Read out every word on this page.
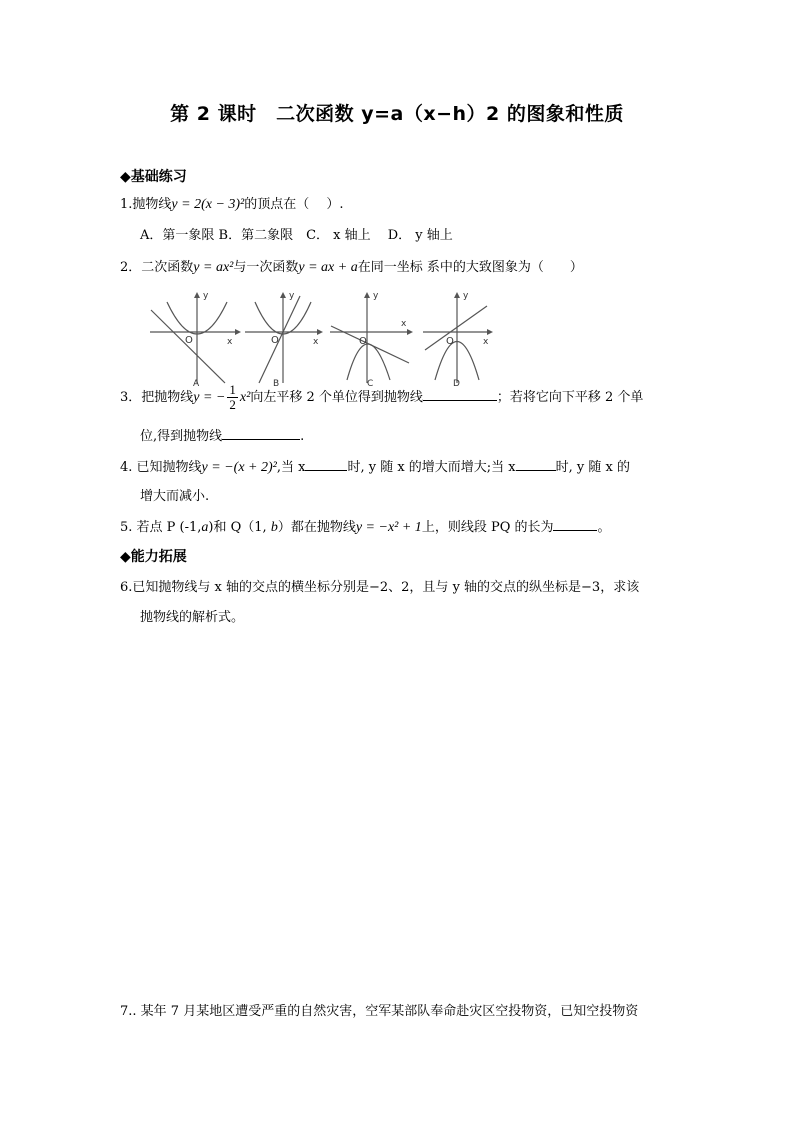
第 2 课时　二次函数 y=a（x−h）2 的图象和性质
◆基础练习
1.抛物线y = 2(x − 3)²的顶点在（　 ）.
A．第一象限 B．第二象限　C． x 轴上　 D． y 轴上
2．二次函数y = ax²与一次函数y = ax + a在同一坐标 系中的大致图象为（　　）
y
x
O
y
x
O
y
x
O
y
x
O
A	B	C	D
3．把抛物线y = − $\frac{1}{2} x^2$向左平移 2 个单位得到抛物线	；若将它向下平移 2 个单
位,得到抛物线	.
4. 已知抛物线y = −(x + 2)²,当 x	时, y 随 x 的增大而增大;当 x	时, y 随 x 的
增大而减小.
5. 若点 P (-1,a)和 Q（1, b）都在抛物线y = −x² + 1上，则线段 PQ 的长为	。
◆能力拓展
6.已知抛物线与 x 轴的交点的横坐标分别是−2、2，且与 y 轴的交点的纵坐标是−3，求该
抛物线的解析式。
7.. 某年 7 月某地区遭受严重的自然灾害，空军某部队奉命赴灾区空投物资，已知空投物资
